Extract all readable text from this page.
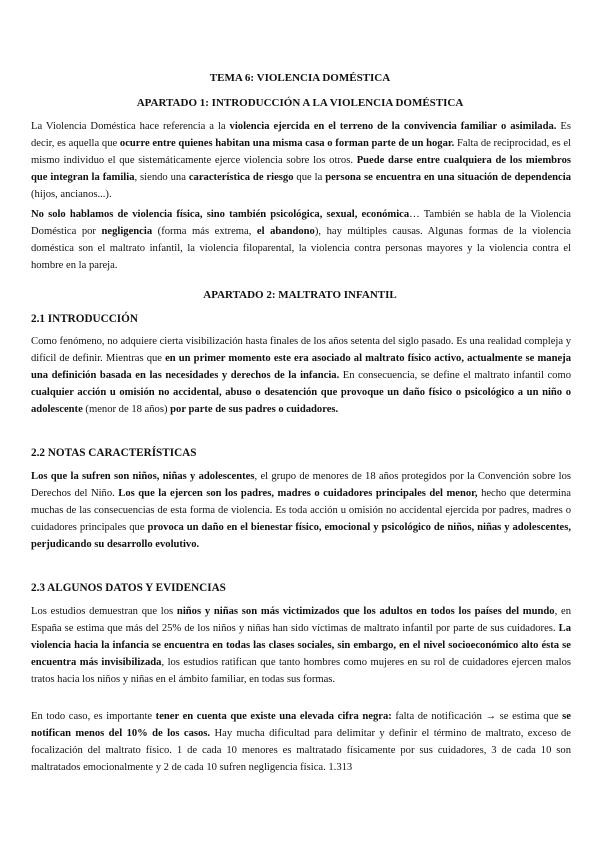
TEMA 6: VIOLENCIA DOMÉSTICA
APARTADO 1: INTRODUCCIÓN A LA VIOLENCIA DOMÉSTICA
La Violencia Doméstica hace referencia a la violencia ejercida en el terreno de la convivencia familiar o asimilada. Es decir, es aquella que ocurre entre quienes habitan una misma casa o forman parte de un hogar. Falta de reciprocidad, es el mismo individuo el que sistemáticamente ejerce violencia sobre los otros. Puede darse entre cualquiera de los miembros que integran la familia, siendo una característica de riesgo que la persona se encuentra en una situación de dependencia (hijos, ancianos...).
No solo hablamos de violencia física, sino también psicológica, sexual, económica… También se habla de la Violencia Doméstica por negligencia (forma más extrema, el abandono), hay múltiples causas. Algunas formas de la violencia doméstica son el maltrato infantil, la violencia filoparental, la violencia contra personas mayores y la violencia contra el hombre en la pareja.
APARTADO 2: MALTRATO INFANTIL
2.1 INTRODUCCIÓN
Como fenómeno, no adquiere cierta visibilización hasta finales de los años setenta del siglo pasado. Es una realidad compleja y difícil de definir. Mientras que en un primer momento este era asociado al maltrato físico activo, actualmente se maneja una definición basada en las necesidades y derechos de la infancia. En consecuencia, se define el maltrato infantil como cualquier acción u omisión no accidental, abuso o desatención que provoque un daño físico o psicológico a un niño o adolescente (menor de 18 años) por parte de sus padres o cuidadores.
2.2 NOTAS CARACTERÍSTICAS
Los que la sufren son niños, niñas y adolescentes, el grupo de menores de 18 años protegidos por la Convención sobre los Derechos del Niño. Los que la ejercen son los padres, madres o cuidadores principales del menor, hecho que determina muchas de las consecuencias de esta forma de violencia. Es toda acción u omisión no accidental ejercida por padres, madres o cuidadores principales que provoca un daño en el bienestar físico, emocional y psicológico de niños, niñas y adolescentes, perjudicando su desarrollo evolutivo.
2.3 ALGUNOS DATOS Y EVIDENCIAS
Los estudios demuestran que los niños y niñas son más victimizados que los adultos en todos los países del mundo, en España se estima que más del 25% de los niños y niñas han sido víctimas de maltrato infantil por parte de sus cuidadores. La violencia hacia la infancia se encuentra en todas las clases sociales, sin embargo, en el nivel socioeconómico alto ésta se encuentra más invisibilizada, los estudios ratifican que tanto hombres como mujeres en su rol de cuidadores ejercen malos tratos hacia los niños y niñas en el ámbito familiar, en todas sus formas.
En todo caso, es importante tener en cuenta que existe una elevada cifra negra: falta de notificación → se estima que se notifican menos del 10% de los casos. Hay mucha dificultad para delimitar y definir el término de maltrato, exceso de focalización del maltrato físico. 1 de cada 10 menores es maltratado físicamente por sus cuidadores, 3 de cada 10 son maltratados emocionalmente y 2 de cada 10 sufren negligencia física. 1.313
